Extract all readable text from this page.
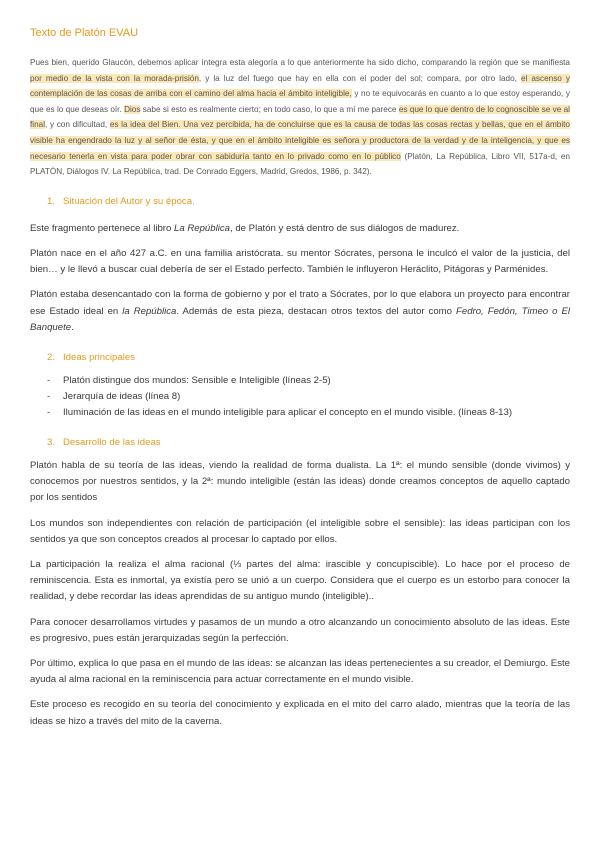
Texto de Platón EVAU

Pues bien, querido Glaucón, debemos aplicar íntegra esta alegoría a lo que anteriormente ha sido dicho, comparando la región que se manifiesta por medio de la vista con la morada-prisión, y la luz del fuego que hay en ella con el poder del sol; compara, por otro lado, el ascenso y contemplación de las cosas de arriba con el camino del alma hacia el ámbito inteligible, y no te equivocarás en cuanto a lo que estoy esperando, y que es lo que deseas oír. Dios sabe si esto es realmente cierto; en todo caso, lo que a mí me parece es que lo que dentro de lo cognoscible se ve al final, y con dificultad, es la idea del Bien. Una vez percibida, ha de concluirse que es la causa de todas las cosas rectas y bellas, que en el ámbito visible ha engendrado la luz y al señor de ésta, y que en el ámbito inteligible es señora y productora de la verdad y de la inteligencia, y que es necesario tenerla en vista para poder obrar con sabiduría tanto en lo privado como en lo público (Platón, La República, Libro VII, 517a-d, en PLATÓN, Diálogos IV. La República, trad. De Conrado Eggers, Madrid, Gredos, 1986, p. 342).

1. Situación del Autor y su época.

Este fragmento pertenece al libro La República, de Platón y está dentro de sus diálogos de madurez.

Platón nace en el año 427 a.C. en una familia aristócrata. su mentor Sócrates, persona le inculcó el valor de la justicia, del bien… y le llevó a buscar cual debería de ser el Estado perfecto. También le influyeron Heráclito, Pitágoras y Parménides.

Platón estaba desencantado con la forma de gobierno y por el trato a Sócrates, por lo que elabora un proyecto para encontrar ese Estado ideal en la República. Además de esta pieza, destacan otros textos del autor como Fedro, Fedón, Timeo o El Banquete.

2. Ideas principales
- Platón distingue dos mundos: Sensible e Inteligible (líneas 2-5)
- Jerarquía de ideas (línea 8)
- Iluminación de las ideas en el mundo inteligible para aplicar el concepto en el mundo visible. (líneas 8-13)
3. Desarrollo de las ideas

Platón habla de su teoría de las ideas, viendo la realidad de forma dualista. La 1ª: el mundo sensible (donde vivimos) y conocemos por nuestros sentidos, y la 2ª: mundo inteligible (están las ideas) donde creamos conceptos de aquello captado por los sentidos

Los mundos son independientes con relación de participación (el inteligible sobre el sensible): las ideas participan con los sentidos ya que son conceptos creados al procesar lo captado por ellos.

La participación la realiza el alma racional (⅓ partes del alma: irascible y concupiscible). Lo hace por el proceso de reminiscencia. Esta es inmortal, ya existía pero se unió a un cuerpo. Considera que el cuerpo es un estorbo para conocer la realidad, y debe recordar las ideas aprendidas de su antiguo mundo (inteligible)..

Para conocer desarrollamos virtudes y pasamos de un mundo a otro alcanzando un conocimiento absoluto de las ideas. Este es progresivo, pues están jerarquizadas según la perfección.

Por último, explica lo que pasa en el mundo de las ideas: se alcanzan las ideas pertenecientes a su creador, el Demiurgo. Este ayuda al alma racional en la reminiscencia para actuar correctamente en el mundo visible.

Este proceso es recogido en su teoría del conocimiento y explicada en el mito del carro alado, mientras que la teoría de las ideas se hizo a través del mito de la caverna.
